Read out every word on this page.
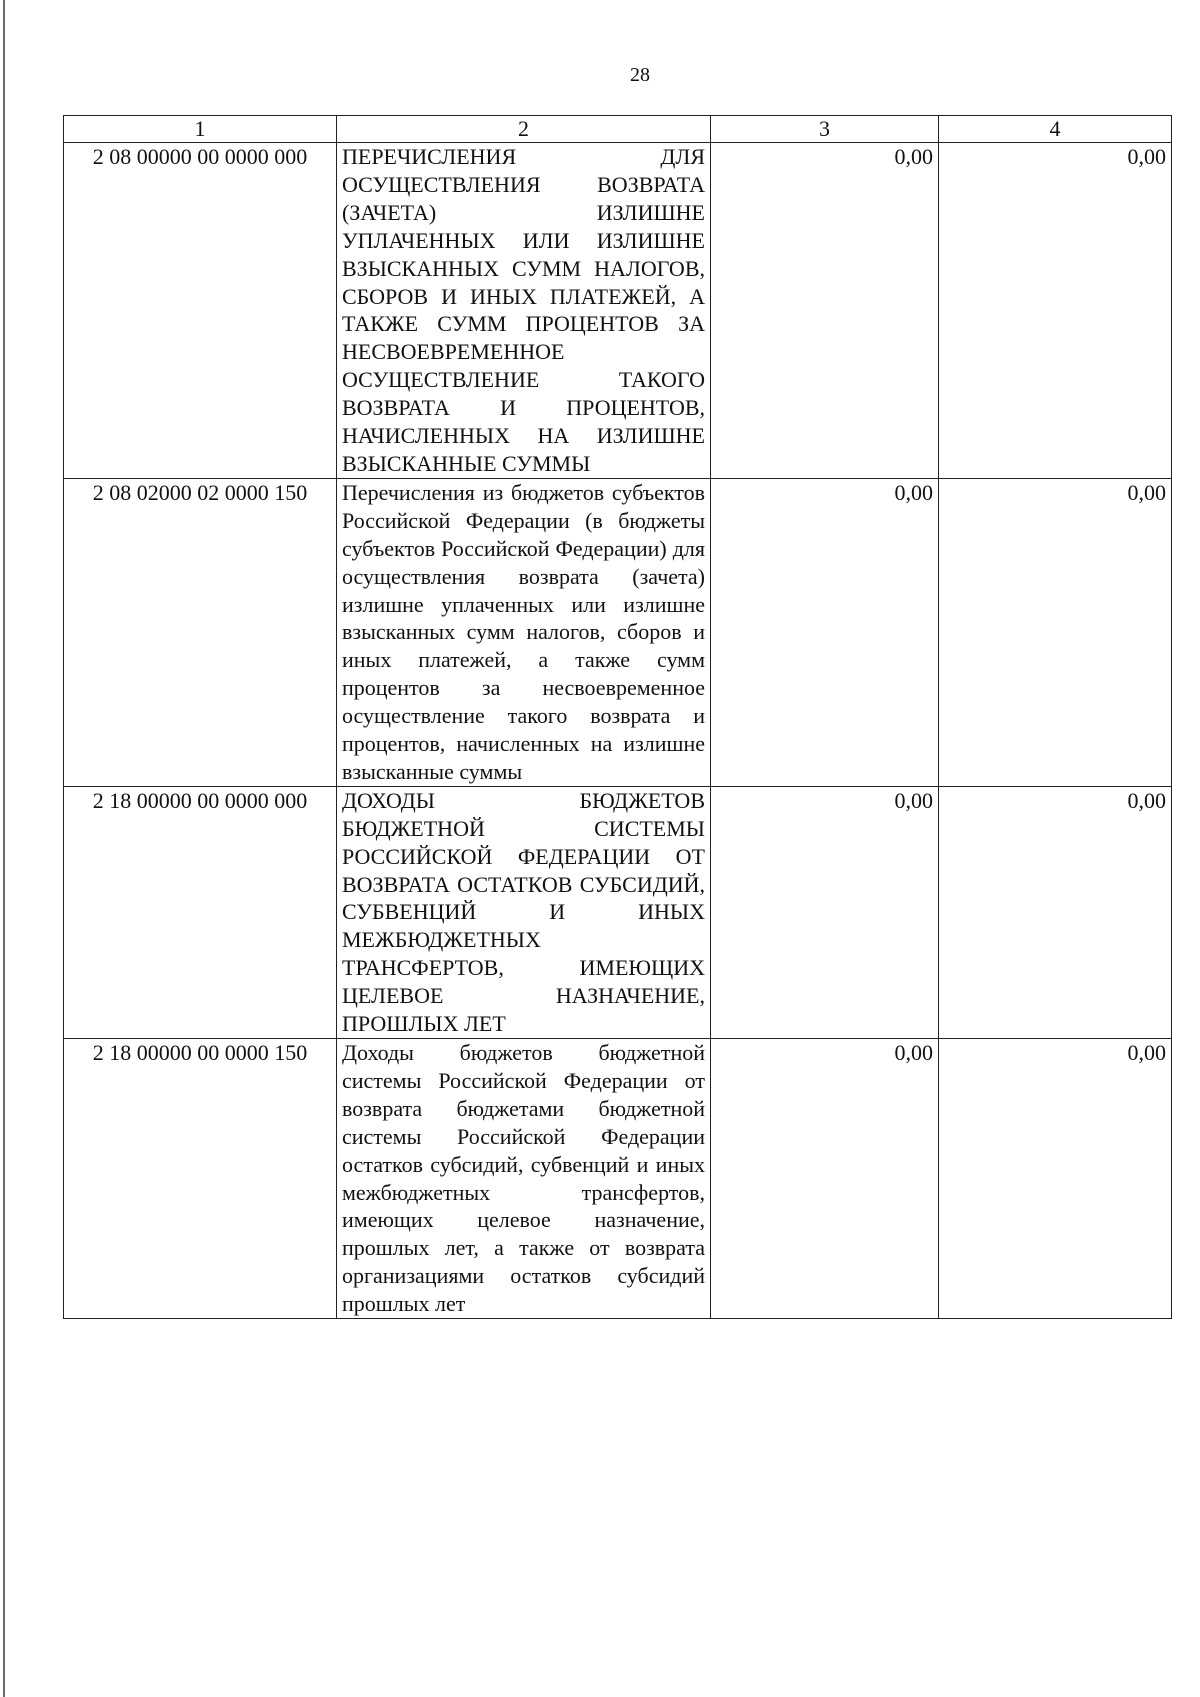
28
1	2	3	4
2 08 00000 00 0000 000	ПЕРЕЧИСЛЕНИЯ ДЛЯ ОСУЩЕСТВЛЕНИЯ ВОЗВРАТА (ЗАЧЕТА) ИЗЛИШНЕ УПЛАЧЕННЫХ ИЛИ ИЗЛИШНЕ ВЗЫСКАННЫХ СУММ НАЛОГОВ, СБОРОВ И ИНЫХ ПЛАТЕЖЕЙ, А ТАКЖЕ СУММ ПРОЦЕНТОВ ЗА НЕСВОЕВРЕМЕННОЕ ОСУЩЕСТВЛЕНИЕ ТАКОГО ВОЗВРАТА И ПРОЦЕНТОВ, НАЧИСЛЕННЫХ НА ИЗЛИШНЕ ВЗЫСКАННЫЕ СУММЫ	0,00	0,00
2 08 02000 02 0000 150	Перечисления из бюджетов субъектов Российской Федерации (в бюджеты субъектов Российской Федерации) для осуществления возврата (зачета) излишне уплаченных или излишне взысканных сумм налогов, сборов и иных платежей, а также сумм процентов за несвоевременное осуществление такого возврата и процентов, начисленных на излишне взысканные суммы	0,00	0,00
2 18 00000 00 0000 000	ДОХОДЫ БЮДЖЕТОВ БЮДЖЕТНОЙ СИСТЕМЫ РОССИЙСКОЙ ФЕДЕРАЦИИ ОТ ВОЗВРАТА ОСТАТКОВ СУБСИДИЙ, СУБВЕНЦИЙ И ИНЫХ МЕЖБЮДЖЕТНЫХ ТРАНСФЕРТОВ, ИМЕЮЩИХ ЦЕЛЕВОЕ НАЗНАЧЕНИЕ, ПРОШЛЫХ ЛЕТ	0,00	0,00
2 18 00000 00 0000 150	Доходы бюджетов бюджетной системы Российской Федерации от возврата бюджетами бюджетной системы Российской Федерации остатков субсидий, субвенций и иных межбюджетных трансфертов, имеющих целевое назначение, прошлых лет, а также от возврата организациями остатков субсидий прошлых лет	0,00	0,00
